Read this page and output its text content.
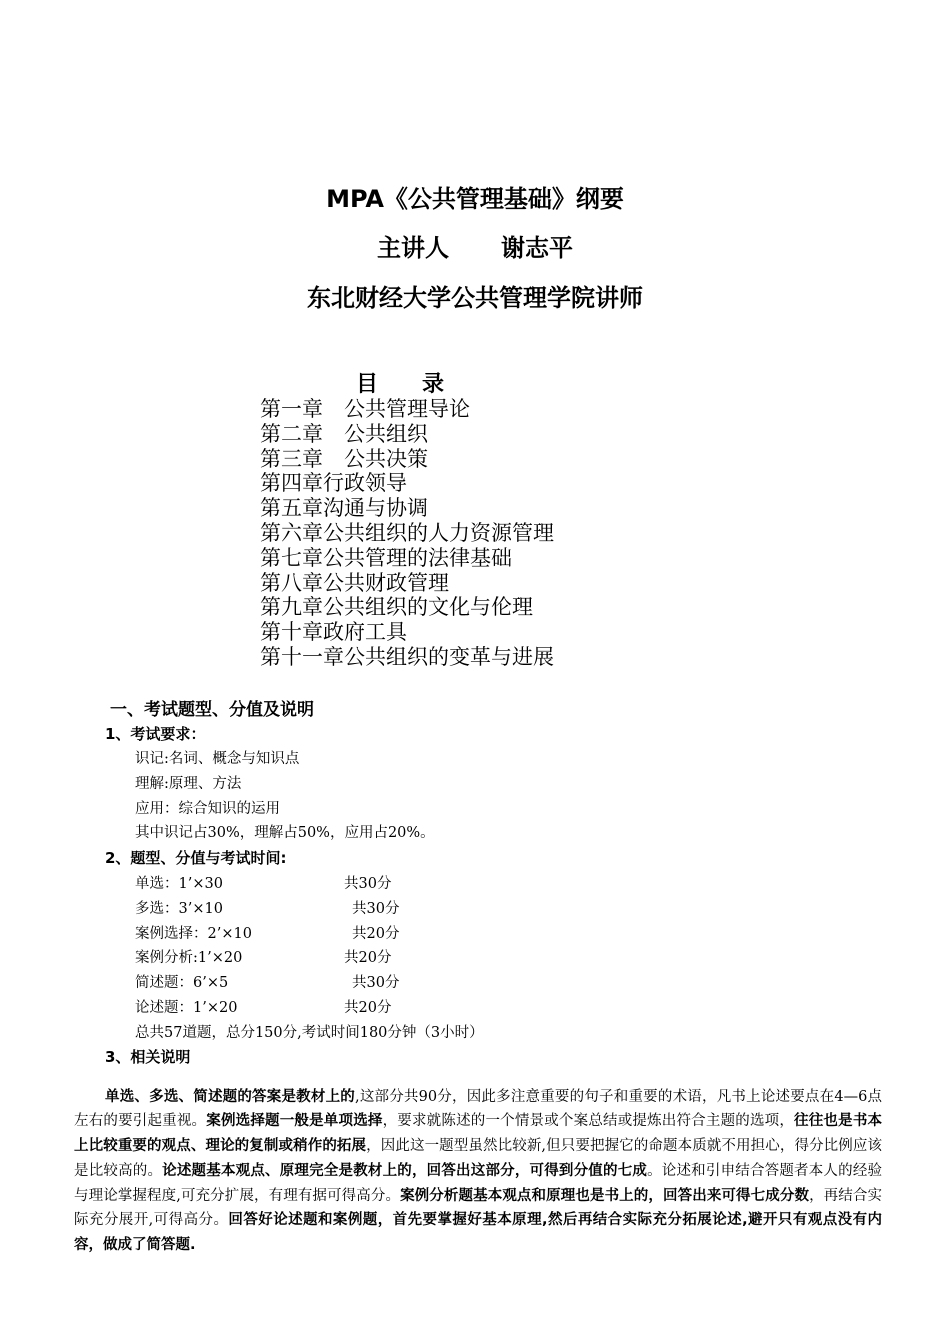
MPA《公共管理基础》纲要
主讲人 谢志平
东北财经大学公共管理学院讲师
目　　录
第一章　公共管理导论
第二章　公共组织
第三章　公共决策
第四章行政领导
第五章沟通与协调
第六章公共组织的人力资源管理
第七章公共管理的法律基础
第八章公共财政管理
第九章公共组织的文化与伦理
第十章政府工具
第十一章公共组织的变革与进展
一、考试题型、分值及说明
1、考试要求：
识记:名词、概念与知识点
理解:原理、方法
应用：综合知识的运用
其中识记占30%，理解占50%，应用占20%。
2、题型、分值与考试时间:
单选：1’×30	共30分
多选：3’×10	共30分
案例选择：2’×10	共20分
案例分析:1’×20	共20分
简述题：6’×5	共30分
论述题：1’×20	共20分
总共57道题，总分150分,考试时间180分钟（3小时）
3、相关说明

单选、多选、简述题的答案是教材上的,这部分共90分，因此多注意重要的句子和重要的术语，凡书上论述要点在4—6点左右的要引起重视。案例选择题一般是单项选择，要求就陈述的一个情景或个案总结或提炼出符合主题的选项，往往也是书本上比较重要的观点、理论的复制或稍作的拓展，因此这一题型虽然比较新,但只要把握它的命题本质就不用担心，得分比例应该是比较高的。论述题基本观点、原理完全是教材上的，回答出这部分，可得到分值的七成。论述和引申结合答题者本人的经验与理论掌握程度,可充分扩展，有理有据可得高分。案例分析题基本观点和原理也是书上的，回答出来可得七成分数，再结合实际充分展开,可得高分。回答好论述题和案例题，首先要掌握好基本原理,然后再结合实际充分拓展论述,避开只有观点没有内容，做成了简答题.
